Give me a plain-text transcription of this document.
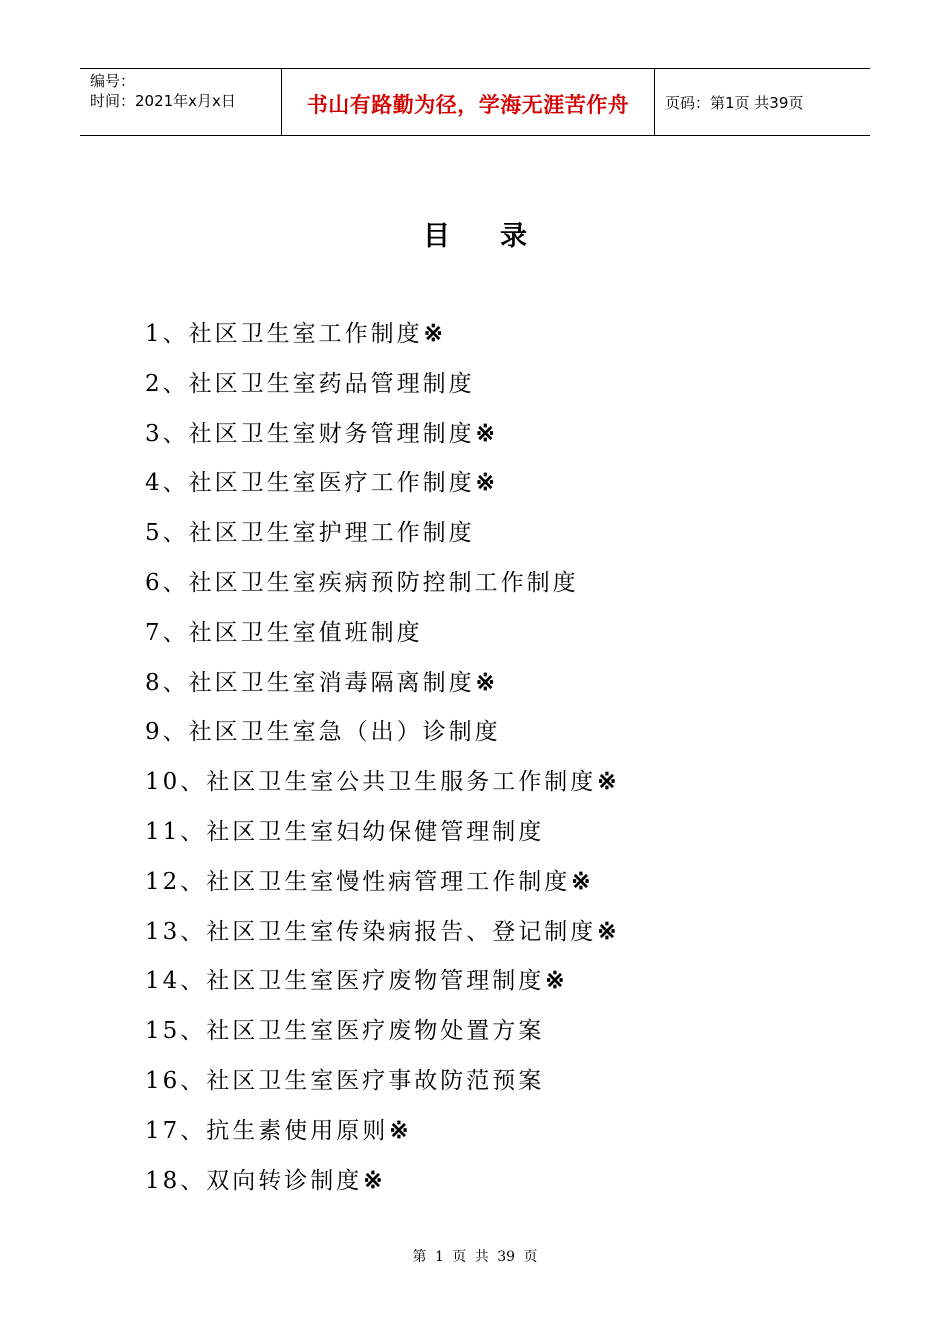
编号：
时间：2021年x月x日	书山有路勤为径，学海无涯苦作舟 页码：第1页 共39页
目录
1、社区卫生室工作制度※
2、社区卫生室药品管理制度
3、社区卫生室财务管理制度※
4、社区卫生室医疗工作制度※
5、社区卫生室护理工作制度
6、社区卫生室疾病预防控制工作制度
7、社区卫生室值班制度
8、社区卫生室消毒隔离制度※
9、社区卫生室急（出）诊制度
10、社区卫生室公共卫生服务工作制度※
11、社区卫生室妇幼保健管理制度
12、社区卫生室慢性病管理工作制度※
13、社区卫生室传染病报告、登记制度※
14、社区卫生室医疗废物管理制度※
15、社区卫生室医疗废物处置方案
16、社区卫生室医疗事故防范预案
17、抗生素使用原则※
18、双向转诊制度※
第 1 页 共 39 页
